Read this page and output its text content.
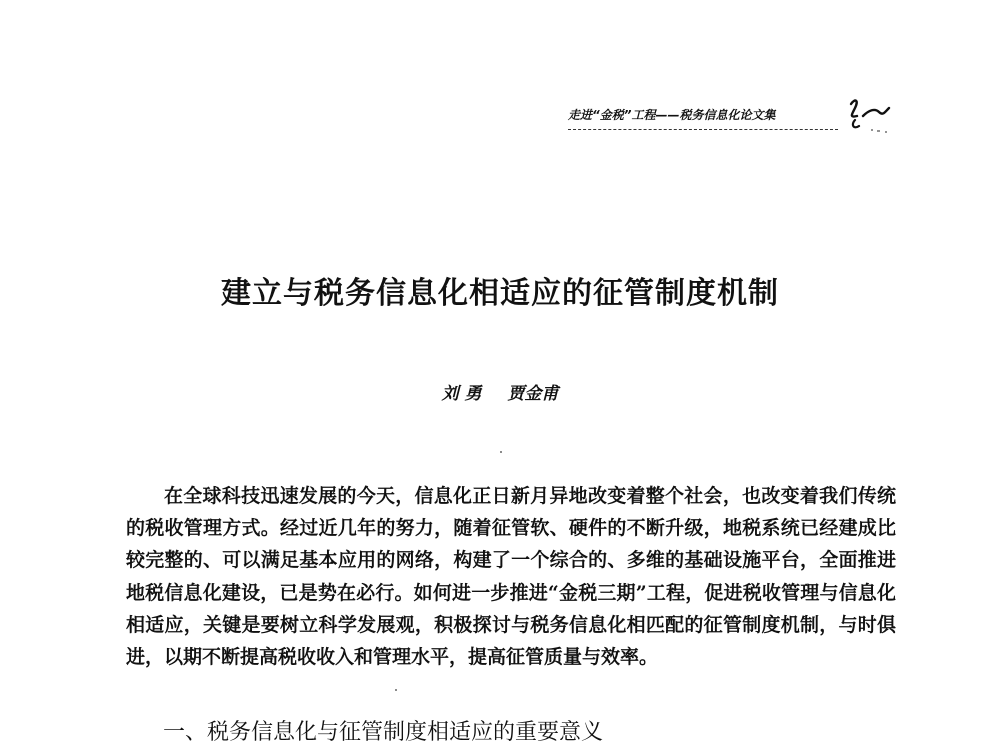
走进“金税”工程——税务信息化论文集
建立与税务信息化相适应的征管制度机制
刘 勇 贾金甫

在全球科技迅速发展的今天，信息化正日新月异地改变着整个社会，也改变着我们传统的税收管理方式。经过近几年的努力，随着征管软、硬件的不断升级，地税系统已经建成比较完整的、可以满足基本应用的网络，构建了一个综合的、多维的基础设施平台，全面推进地税信息化建设，已是势在必行。如何进一步推进“金税三期”工程，促进税收管理与信息化相适应，关键是要树立科学发展观，积极探讨与税务信息化相匹配的征管制度机制，与时俱进，以期不断提高税收收入和管理水平，提高征管质量与效率。

一、税务信息化与征管制度相适应的重要意义
